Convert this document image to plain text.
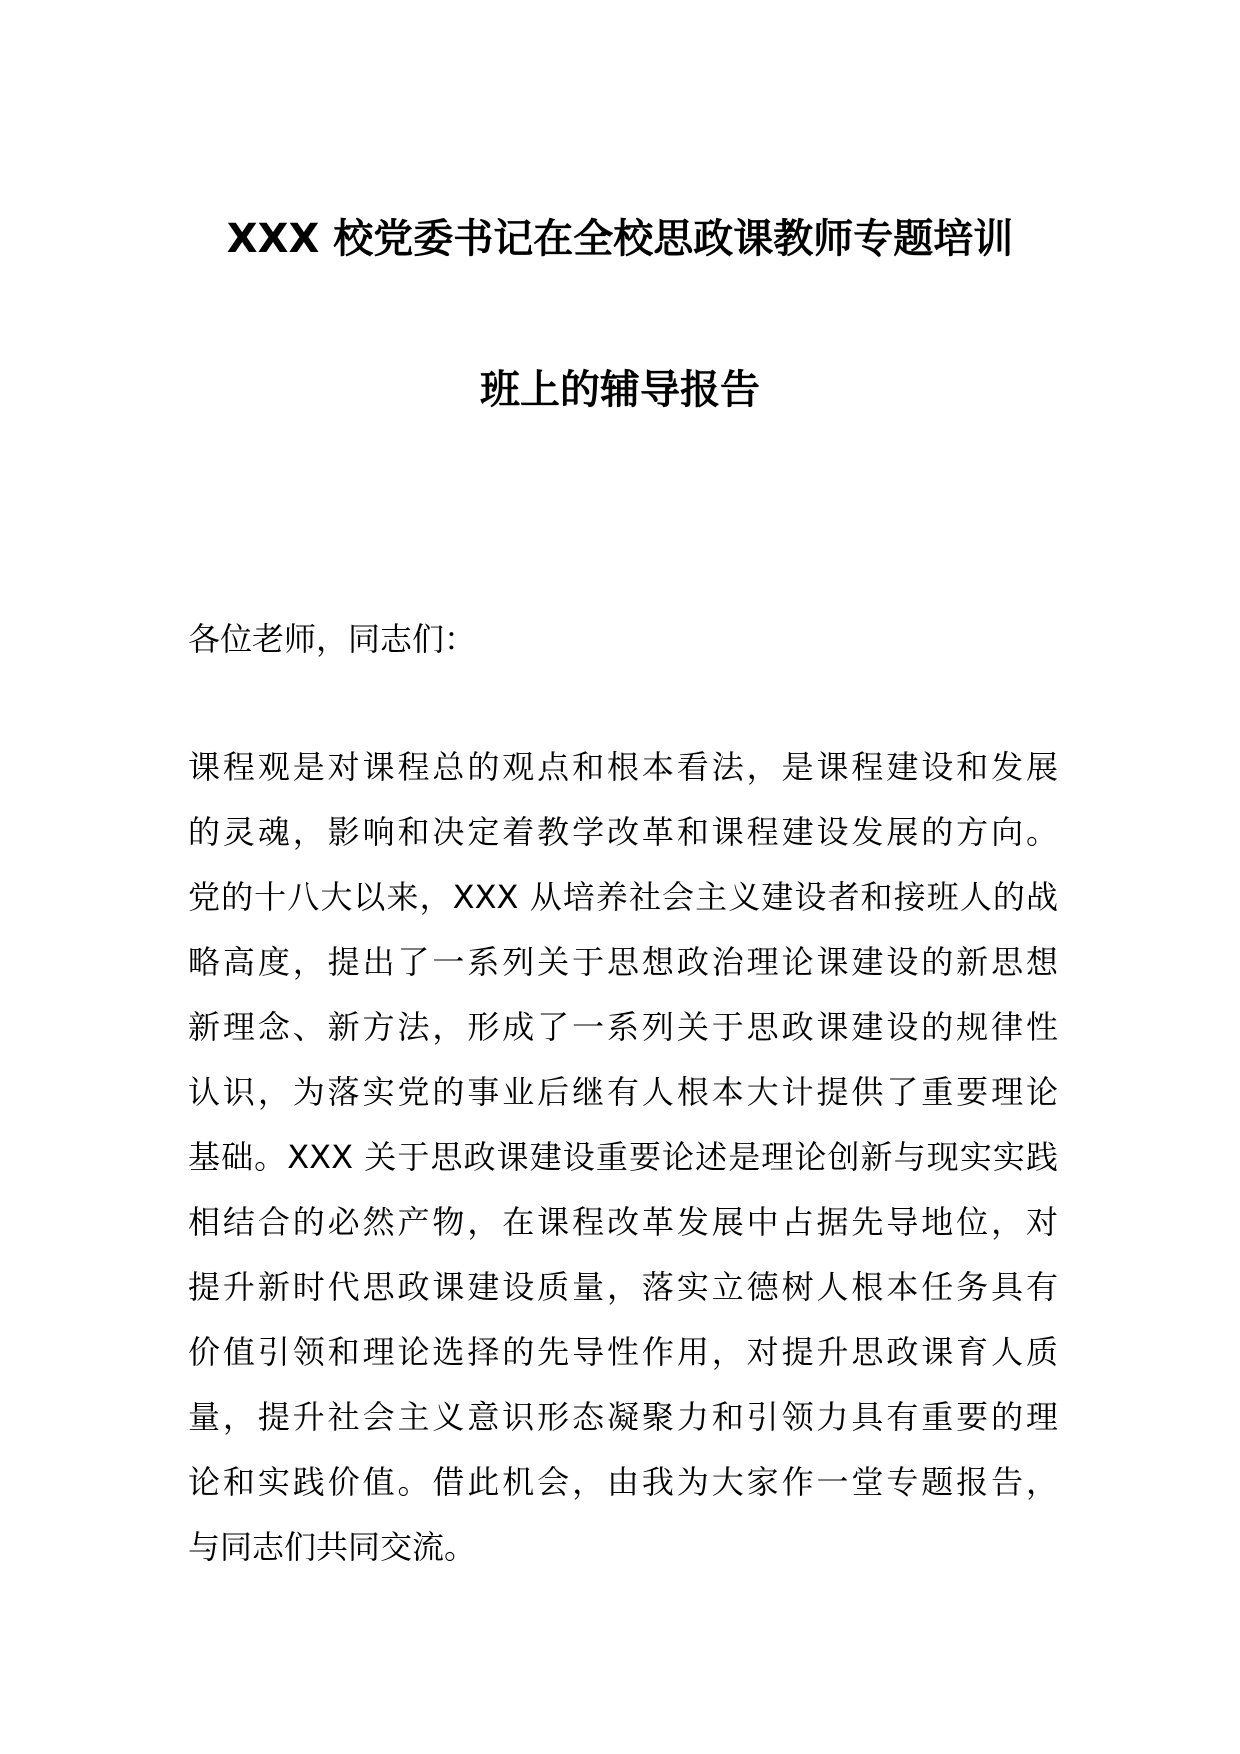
XXX 校党委书记在全校思政课教师专题培训
班上的辅导报告
各位老师，同志们：
课程观是对课程总的观点和根本看法，是课程建设和发展
的灵魂，影响和决定着教学改革和课程建设发展的方向。
党的十八大以来，XXX 从培养社会主义建设者和接班人的战
略高度，提出了一系列关于思想政治理论课建设的新思想
新理念、新方法，形成了一系列关于思政课建设的规律性
认识，为落实党的事业后继有人根本大计提供了重要理论
基础。XXX 关于思政课建设重要论述是理论创新与现实实践
相结合的必然产物，在课程改革发展中占据先导地位，对
提升新时代思政课建设质量，落实立德树人根本任务具有
价值引领和理论选择的先导性作用，对提升思政课育人质
量，提升社会主义意识形态凝聚力和引领力具有重要的理
论和实践价值。借此机会，由我为大家作一堂专题报告，
与同志们共同交流。
